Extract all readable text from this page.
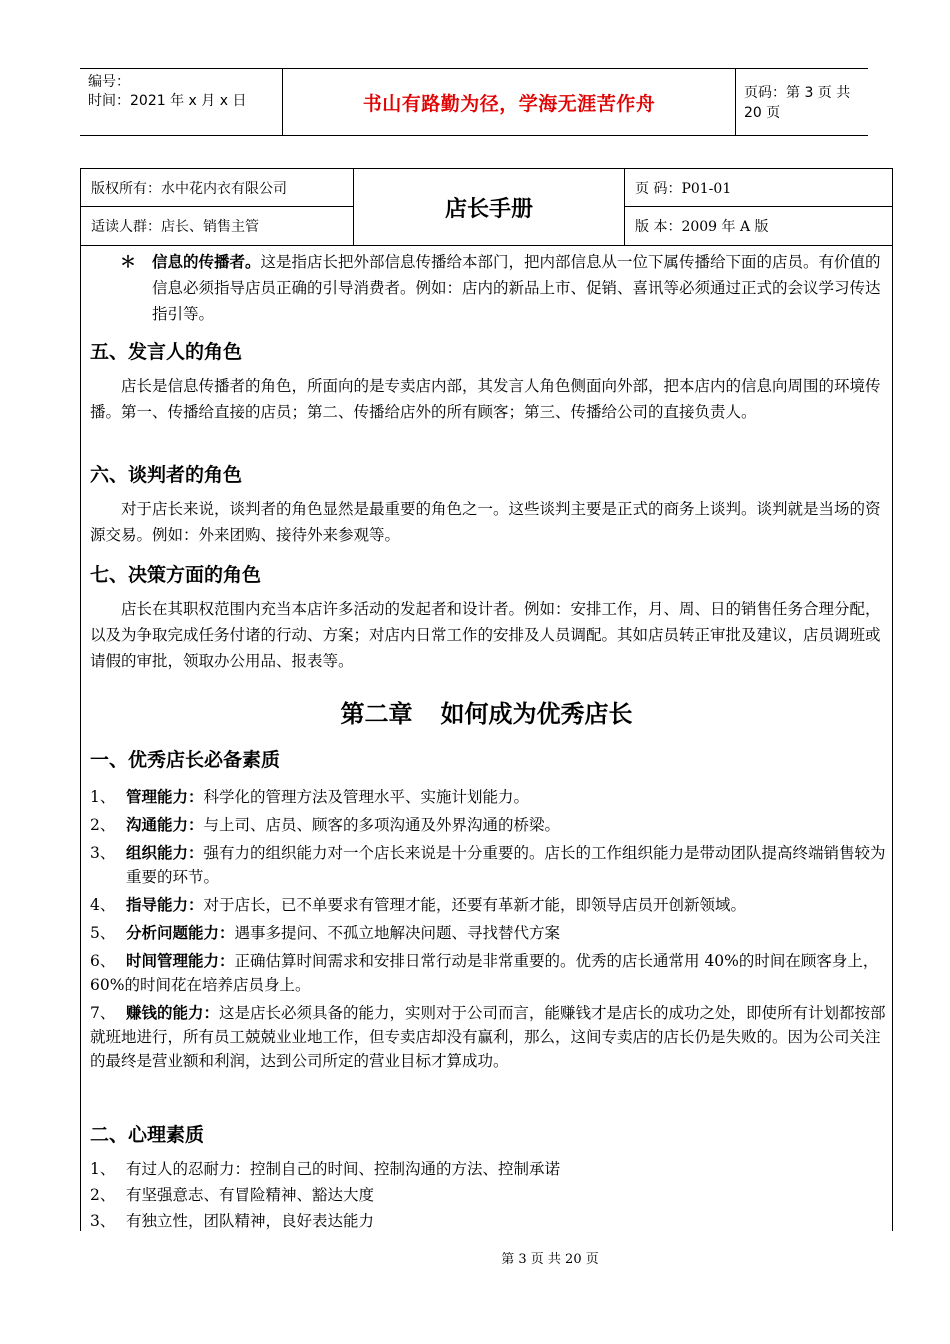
编号：
时间：2021 年 x 月 x 日	书山有路勤为径，学海无涯苦作舟	页码：第 3 页 共 20 页
版权所有：水中花内衣有限公司
适读人群：店长、销售主管
店长手册
页 码：P01-01
版 本：2009 年 A 版
＊ 信息的传播者。这是指店长把外部信息传播给本部门，把内部信息从一位下属传播给下面的店员。有价值的信息必须指导店员正确的引导消费者。例如：店内的新品上市、促销、喜讯等必须通过正式的会议学习传达指引等。
五、发言人的角色

店长是信息传播者的角色，所面向的是专卖店内部，其发言人角色侧面向外部，把本店内的信息向周围的环境传播。第一、传播给直接的店员；第二、传播给店外的所有顾客；第三、传播给公司的直接负责人。

六、谈判者的角色

对于店长来说，谈判者的角色显然是最重要的角色之一。这些谈判主要是正式的商务上谈判。谈判就是当场的资源交易。例如：外来团购、接待外来参观等。

七、决策方面的角色

店长在其职权范围内充当本店许多活动的发起者和设计者。例如：安排工作，月、周、日的销售任务合理分配，以及为争取完成任务付诸的行动、方案；对店内日常工作的安排及人员调配。其如店员转正审批及建议，店员调班或请假的审批，领取办公用品、报表等。

第二章 如何成为优秀店长
一、优秀店长必备素质
1、 管理能力：科学化的管理方法及管理水平、实施计划能力。
2、 沟通能力：与上司、店员、顾客的多项沟通及外界沟通的桥梁。
3、 组织能力：强有力的组织能力对一个店长来说是十分重要的。店长的工作组织能力是带动团队提高终端销售较为重要的环节。
4、 指导能力：对于店长，已不单要求有管理才能，还要有革新才能，即领导店员开创新领域。
5、 分析问题能力：遇事多提问、不孤立地解决问题、寻找替代方案
6、 时间管理能力：正确估算时间需求和安排日常行动是非常重要的。优秀的店长通常用 40%的时间在顾客身上，60%的时间花在培养店员身上。
7、 赚钱的能力：这是店长必须具备的能力，实则对于公司而言，能赚钱才是店长的成功之处，即使所有计划都按部就班地进行，所有员工兢兢业业地工作，但专卖店却没有赢利，那么，这间专卖店的店长仍是失败的。因为公司关注的最终是营业额和利润，达到公司所定的营业目标才算成功。
二、心理素质
1、 有过人的忍耐力：控制自己的时间、控制沟通的方法、控制承诺
2、 有坚强意志、有冒险精神、豁达大度
3、 有独立性，团队精神，良好表达能力
第 3 页 共 20 页
